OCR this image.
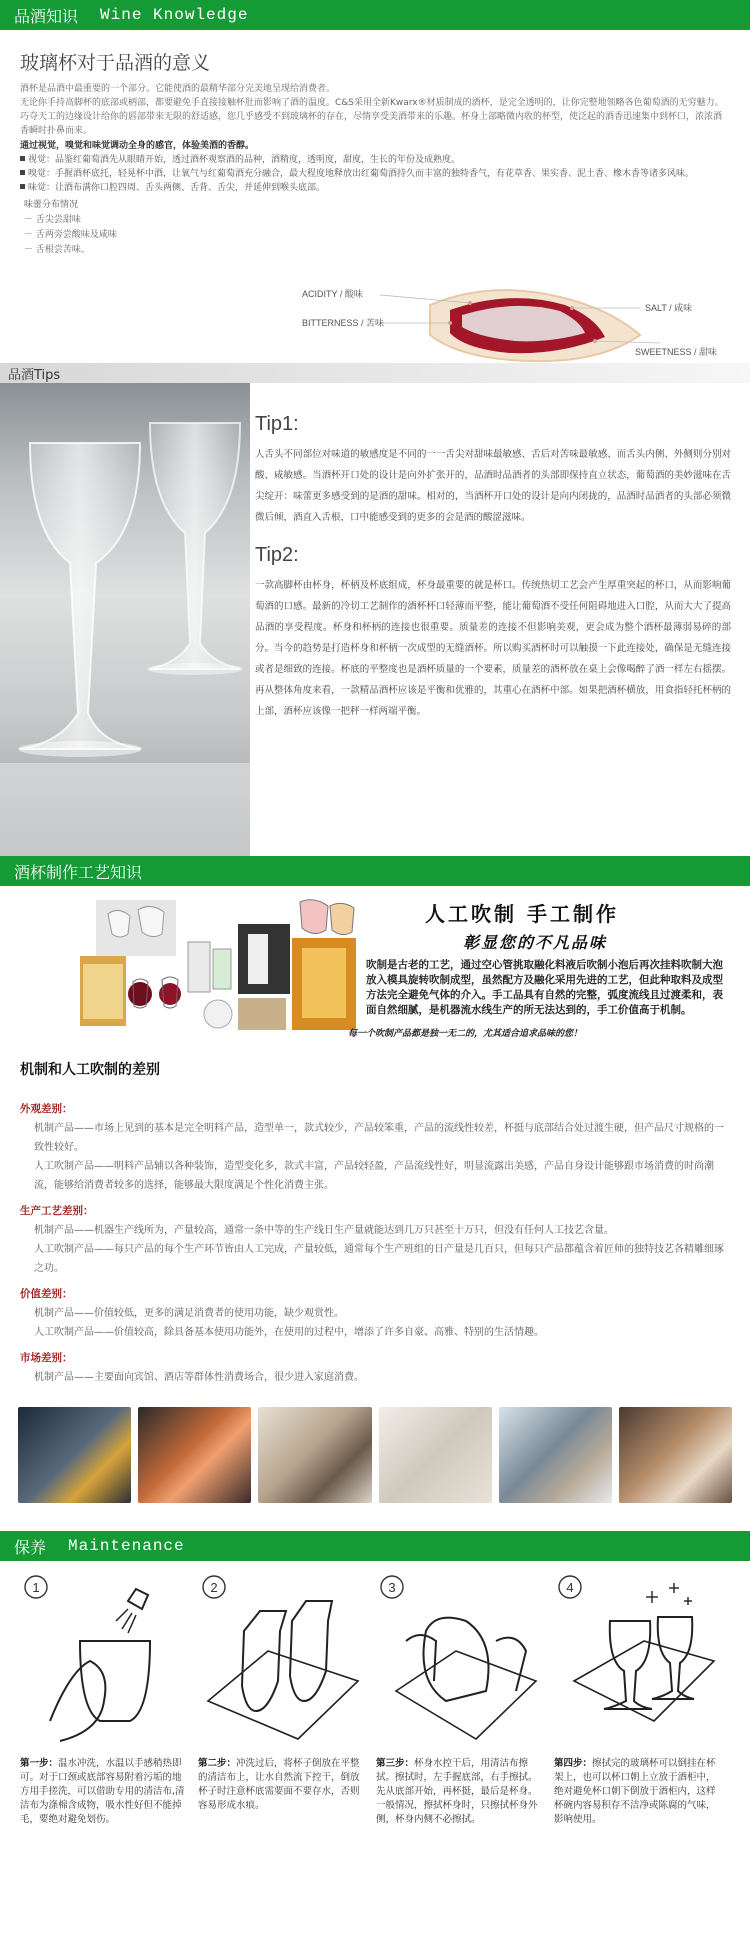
品酒知识 Wine Knowledge
玻璃杯对于品酒的意义
酒杯是品酒中最重要的一个部分。它能使酒的最精华部分完美地呈现给消费者。
无论你手持高脚杯的底部或柄部，都要避免手直接接触杯肚而影响了酒的温度。C&S采用全新Kwarx®材质制成的酒杯，是完全透明的，让你完整地领略各色葡萄酒的无穷魅力。巧夺天工的边缘设计给你的唇部带来无限的舒适感，您几乎感受不到玻璃杯的存在，尽情享受美酒带来的乐趣。杯身上部略微内收的杯型，使泛起的酒香迅速集中到杯口，浓浓酒香瞬时扑鼻而来。
通过视觉，嗅觉和味觉调动全身的感官，体验美酒的香醇。
视觉：品鉴红葡萄酒先从眼睛开始，透过酒杯观察酒的品种，酒精度，透明度，甜度，生长的年份及成熟度。
嗅觉：手握酒杯底托，轻晃杯中酒，让氧气与红葡萄酒充分融合，最大程度地释放出红葡萄酒持久而丰富的独特香气，有花草香、果实香、泥土香、橡木香等诸多风味。
味觉：让酒布满你口腔四周、舌头两侧、舌背、舌尖，并延伸到喉头底部。
味蕾分布情况
－ 舌尖尝甜味
－ 舌两旁尝酸味及咸味
－ 舌根尝苦味。
ACIDITY / 酸味
BITTERNESS / 苦味
SALT / 咸味
SWEETNESS / 甜味
品酒Tips
Tip1:
人舌头不同部位对味道的敏感度是不同的一一舌尖对甜味最敏感、舌后对苦味最敏感、而舌头内侧、外侧则分别对酸、咸敏感。当酒杯开口处的设计是向外扩张开的，品酒时品酒者的头部即保持直立状态，葡萄酒的美妙滋味在舌尖绽开：味蕾更多感受到的是酒的甜味。相对的，当酒杯开口处的设计是向内闭拢的，品酒时品酒者的头部必须微微后倾，酒直入舌根，口中能感受到的更多的会是酒的酸涩滋味。
Tip2:
一款高脚杯由杯身，杯柄及杯底组成，杯身最重要的就是杯口。传统热切工艺会产生厚重突起的杯口，从而影响葡萄酒的口感。最新的冷切工艺制作的酒杯杯口轻薄而平整，能让葡萄酒不受任何阻碍地进入口腔，从而大大了提高品酒的享受程度。杯身和杯柄的连接也很重要。质量差的连接不但影响美观，更会成为整个酒杯最薄弱易碎的部分。当今的趋势是打造杯身和杯柄一次成型的无缝酒杯。所以购买酒杯时可以触摸一下此连接处，确保是无缝连接或者是细致的连接。杯底的平整度也是酒杯质量的一个要素，质量差的酒杯放在桌上会像喝醉了酒一样左右摇摆。再从整体角度来看，一款精品酒杯应该是平衡和优雅的，其重心在酒杯中部。如果把酒杯横放，用食指轻托杯柄的上部，酒杯应该像一把秤一样两端平衡。
酒杯制作工艺知识
人工吹制 手工制作
彰显您的不凡品味
吹制是古老的工艺，通过空心管挑取融化料液后吹制小泡后再次挂料吹制大泡放入模具旋转吹制成型，虽然配方及融化采用先进的工艺，但此种取料及成型方法完全避免气体的介入。手工品具有自然的完整，弧度流线且过渡柔和，表面自然细腻，是机器流水线生产的所无法达到的，手工价值高于机制。
每一个吹制产品都是独一无二的，尤其适合追求品味的您！
机制和人工吹制的差别
外观差别：
机制产品——市场上见到的基本是完全明料产品，造型单一，款式较少，产品较笨重，产品的流线性较差，杯挺与底部结合处过渡生硬，但产品尺寸规格的一致性较好。
人工吹制产品——明料产品辅以各种装饰，造型变化多，款式丰富，产品较轻盈，产品流线性好，明显流露出美感，产品自身设计能够跟市场消费的时尚潮流，能够给消费者较多的选择，能够最大限度满足个性化消费主张。
生产工艺差别：
机制产品——机器生产线所为，产量较高，通常一条中等的生产线日生产量就能达到几万只甚至十万只，但没有任何人工技艺含量。
人工吹制产品——每只产品的每个生产环节皆由人工完成，产量较低，通常每个生产班组的日产量是几百只，但每只产品都蕴含着匠师的独特技艺各精雕细琢之功。
价值差别：
机制产品——价值较低，更多的满足消费者的使用功能，缺少观赏性。
人工吹制产品——价值较高，除具备基本使用功能外，在使用的过程中，增添了许多自豪、高雅、特别的生活情趣。
市场差别：
机制产品——主要面向宾馆、酒店等群体性消费场合，很少进入家庭消费。
保养 Maintenance
1
第一步：温水冲洗，水温以手感稍热即可。对于口颈或底部容易附着污垢的地方用手搓洗，可以借助专用的清洁布,清洁布为涤棉含成物，吸水性好但不能掉毛，要绝对避免划伤。
2
第二步：冲洗过后，将杯子倒放在平整的清洁布上，让水自然流下控干，倒放杯子时注意杯底需要面不要存水，否则容易形成水痕。
3
第三步：杯身水控干后，用清洁布擦拭。擦拭时，左手握底部，右手擦拭。先从底部开始，再杯挺，最后是杯身。一般情况，擦拭杯身时，只擦拭杯身外侧，杯身内侧不必擦拭。
4
第四步：擦拭完的玻璃杯可以倒挂在杯架上，也可以杯口朝上立放于酒柜中，绝对避免杯口朝下倒放于酒柜内，这样杯碗内容易积存不洁净或陈腐的气味，影响使用。
